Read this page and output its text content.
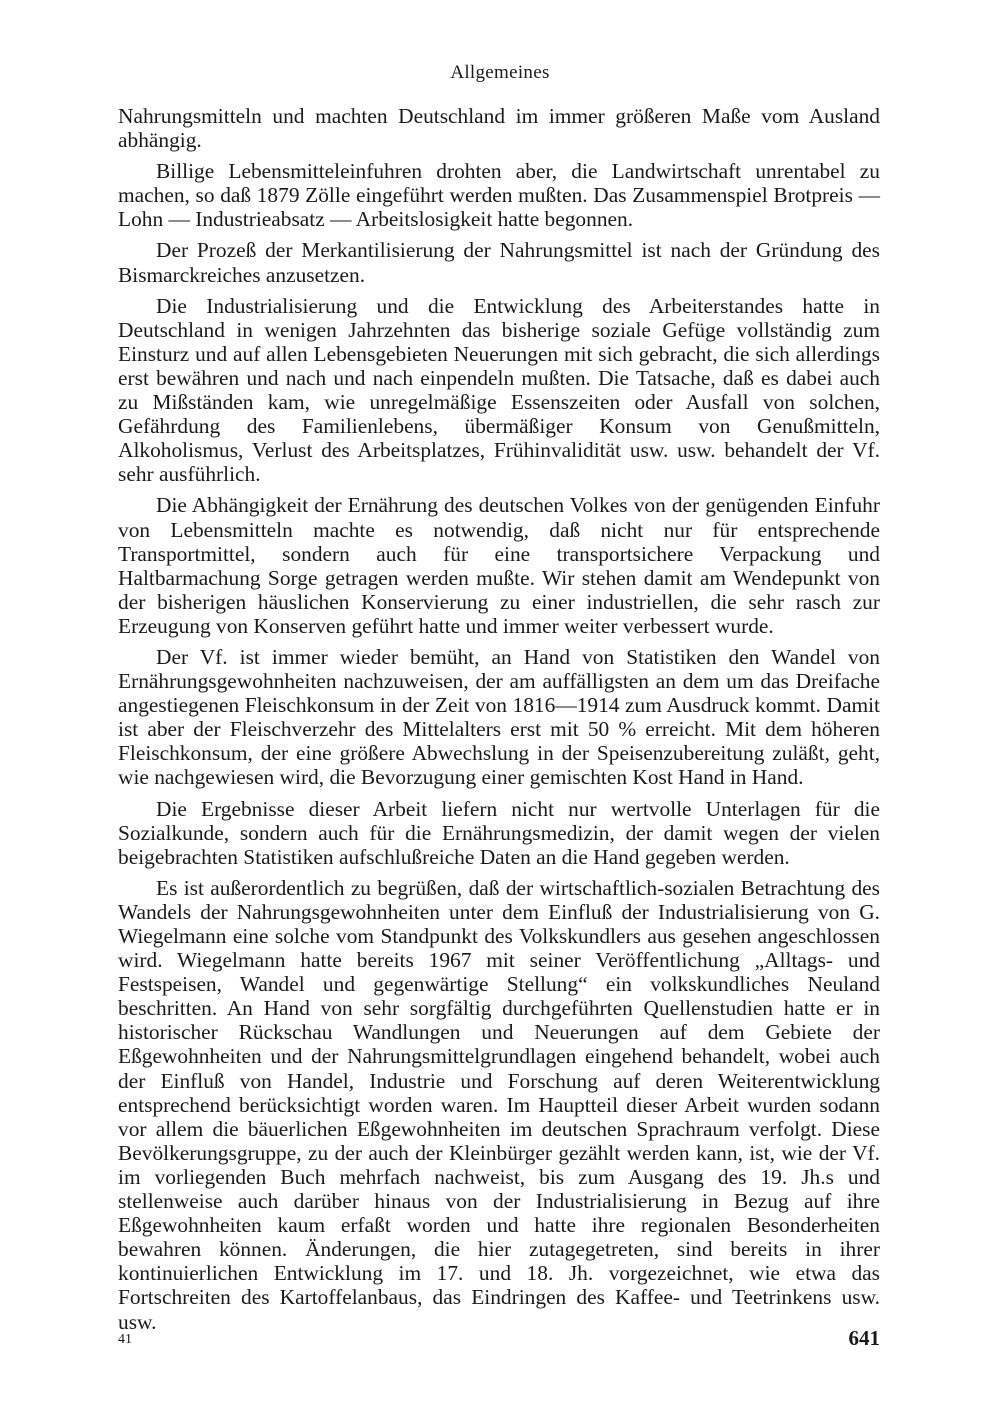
Allgemeines

Nahrungsmitteln und machten Deutschland im immer größeren Maße vom Ausland abhängig.

Billige Lebensmitteleinfuhren drohten aber, die Landwirtschaft unrentabel zu machen, so daß 1879 Zölle eingeführt werden mußten. Das Zusammenspiel Brotpreis — Lohn — Industrieabsatz — Arbeitslosigkeit hatte begonnen.

Der Prozeß der Merkantilisierung der Nahrungsmittel ist nach der Gründung des Bismarckreiches anzusetzen.

Die Industrialisierung und die Entwicklung des Arbeiterstandes hatte in Deutschland in wenigen Jahrzehnten das bisherige soziale Gefüge vollständig zum Einsturz und auf allen Lebensgebieten Neuerungen mit sich gebracht, die sich allerdings erst bewähren und nach und nach einpendeln mußten. Die Tatsache, daß es dabei auch zu Mißständen kam, wie unregelmäßige Essenszeiten oder Ausfall von solchen, Gefährdung des Familienlebens, übermäßiger Konsum von Genußmitteln, Alkoholismus, Verlust des Arbeitsplatzes, Frühinvalidität usw. usw. behandelt der Vf. sehr ausführlich.

Die Abhängigkeit der Ernährung des deutschen Volkes von der genügenden Einfuhr von Lebensmitteln machte es notwendig, daß nicht nur für entsprechende Transportmittel, sondern auch für eine transportsichere Verpackung und Haltbarmachung Sorge getragen werden mußte. Wir stehen damit am Wendepunkt von der bisherigen häuslichen Konservierung zu einer industriellen, die sehr rasch zur Erzeugung von Konserven geführt hatte und immer weiter verbessert wurde.

Der Vf. ist immer wieder bemüht, an Hand von Statistiken den Wandel von Ernährungsgewohnheiten nachzuweisen, der am auffälligsten an dem um das Dreifache angestiegenen Fleischkonsum in der Zeit von 1816—1914 zum Ausdruck kommt. Damit ist aber der Fleischverzehr des Mittelalters erst mit 50 % erreicht. Mit dem höheren Fleischkonsum, der eine größere Abwechslung in der Speisenzubereitung zuläßt, geht, wie nachgewiesen wird, die Bevorzugung einer gemischten Kost Hand in Hand.

Die Ergebnisse dieser Arbeit liefern nicht nur wertvolle Unterlagen für die Sozialkunde, sondern auch für die Ernährungsmedizin, der damit wegen der vielen beigebrachten Statistiken aufschlußreiche Daten an die Hand gegeben werden.

Es ist außerordentlich zu begrüßen, daß der wirtschaftlich-sozialen Betrachtung des Wandels der Nahrungsgewohnheiten unter dem Einfluß der Industrialisierung von G. Wiegelmann eine solche vom Standpunkt des Volkskundlers aus gesehen angeschlossen wird. Wiegelmann hatte bereits 1967 mit seiner Veröffentlichung „Alltags- und Festspeisen, Wandel und gegenwärtige Stellung“ ein volkskundliches Neuland beschritten. An Hand von sehr sorgfältig durchgeführten Quellenstudien hatte er in historischer Rückschau Wandlungen und Neuerungen auf dem Gebiete der Eßgewohnheiten und der Nahrungsmittelgrundlagen eingehend behandelt, wobei auch der Einfluß von Handel, Industrie und Forschung auf deren Weiterentwicklung entsprechend berücksichtigt worden waren. Im Hauptteil dieser Arbeit wurden sodann vor allem die bäuerlichen Eßgewohnheiten im deutschen Sprachraum verfolgt. Diese Bevölkerungsgruppe, zu der auch der Kleinbürger gezählt werden kann, ist, wie der Vf. im vorliegenden Buch mehrfach nachweist, bis zum Ausgang des 19. Jh.s und stellenweise auch darüber hinaus von der Industrialisierung in Bezug auf ihre Eßgewohnheiten kaum erfaßt worden und hatte ihre regionalen Besonderheiten bewahren können. Änderungen, die hier zutagegetreten, sind bereits in ihrer kontinuierlichen Entwicklung im 17. und 18. Jh. vorgezeichnet, wie etwa das Fortschreiten des Kartoffelanbaus, das Eindringen des Kaffee- und Teetrinkens usw. usw.

41	641
